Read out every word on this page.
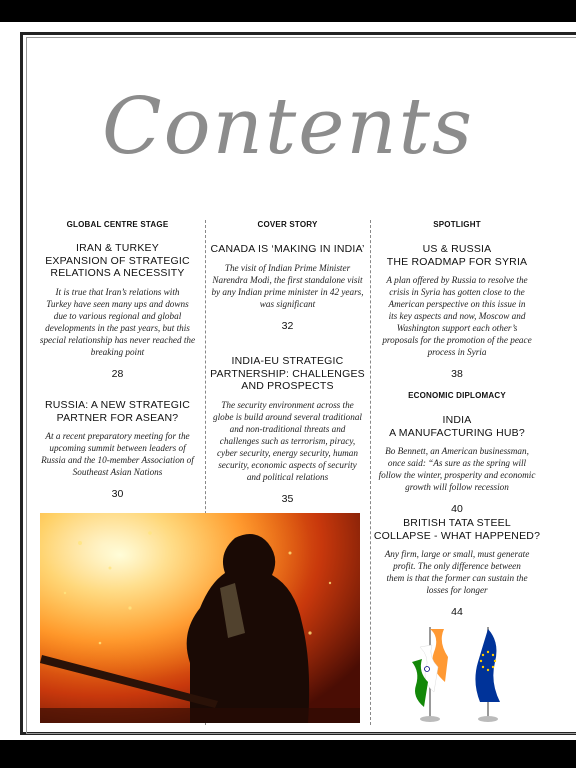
Contents
GLOBAL CENTRE STAGE
IRAN & TURKEY
EXPANSION OF STRATEGIC
RELATIONS A NECESSITY
It is true that Iran’s relations with
Turkey have seen many ups and downs
due to various regional and global
developments in the past years, but this
special relationship has never reached the
breaking point
28
RUSSIA: A NEW STRATEGIC
PARTNER FOR ASEAN?
At a recent preparatory meeting for the
upcoming summit between leaders of
Russia and the 10-member Association of
Southeast Asian Nations
30
COVER STORY
CANADA IS ‘MAKING IN INDIA’
The visit of Indian Prime Minister
Narendra Modi, the first standalone visit
by any Indian prime minister in 42 years,
was significant
32
INDIA-EU STRATEGIC
PARTNERSHIP: CHALLENGES
AND PROSPECTS
The security environment across the
globe is build around several traditional
and non-traditional threats and
challenges such as terrorism, piracy,
cyber security, energy security, human
security, economic aspects of security
and political relations
35
SPOTLIGHT
US & RUSSIA
THE ROADMAP FOR SYRIA
A plan offered by Russia to resolve the
crisis in Syria has gotten close to the
American perspective on this issue in
its key aspects and now, Moscow and
Washington support each other’s
proposals for the promotion of the peace
process in Syria
38
ECONOMIC DIPLOMACY
INDIA
A MANUFACTURING HUB?
Bo Bennett, an American businessman,
once said: “As sure as the spring will
follow the winter, prosperity and economic
growth will follow recession
40
BRITISH TATA STEEL
COLLAPSE - WHAT HAPPENED?
Any firm, large or small, must generate
profit. The only difference between
them is that the former can sustain the
losses for longer
44
